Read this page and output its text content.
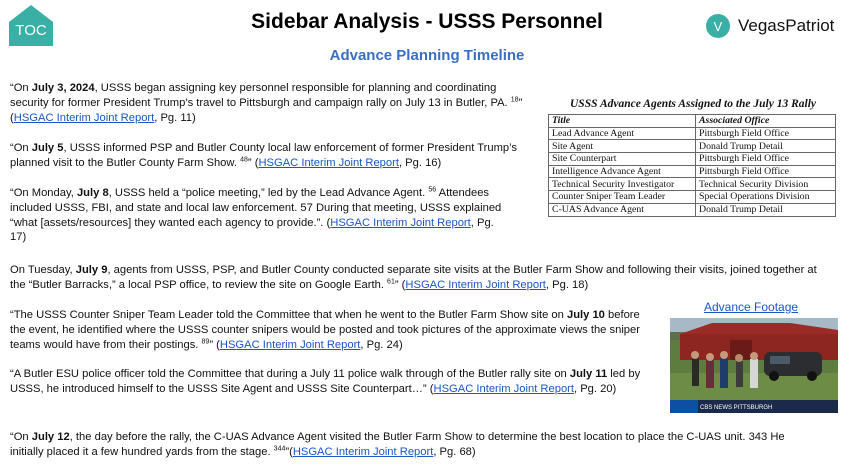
TOC	Sidebar Analysis - USSS Personnel
Advance Planning Timeline
V VegasPatriot
“On July 3, 2024, USSS began assigning key personnel responsible for planning and coordinating security for former President Trump’s travel to Pittsburgh and campaign rally on July 13 in Butler, PA. $^{18}$” (HSGAC Interim Joint Report, Pg. 11)
“On July 5, USSS informed PSP and Butler County local law enforcement of former President Trump’s planned visit to the Butler County Farm Show. $^{48}$” (HSGAC Interim Joint Report, Pg. 16)
“On Monday, July 8, USSS held a “police meeting,” led by the Lead Advance Agent. $^{56}$ Attendees included USSS, FBI, and state and local law enforcement. 57 During that meeting, USSS explained “what [assets/resources] they wanted each agency to provide.”. (HSGAC Interim Joint Report, Pg. 17)
USSS Advance Agents Assigned to the July 13 Rally
Title	Associated Office
Lead Advance Agent	Pittsburgh Field Office
Site Agent	Donald Trump Detail
Site Counterpart	Pittsburgh Field Office
Intelligence Advance Agent	Pittsburgh Field Office
Technical Security Investigator	Technical Security Division
Counter Sniper Team Leader	Special Operations Division
C-UAS Advance Agent	Donald Trump Detail
On Tuesday, July 9, agents from USSS, PSP, and Butler County conducted separate site visits at the Butler Farm Show and following their visits, joined together at the “Butler Barracks,” a local PSP office, to review the site on Google Earth. $^{61}$” (HSGAC Interim Joint Report, Pg. 18)
“The USSS Counter Sniper Team Leader told the Committee that when he went to the Butler Farm Show site on July 10 before the event, he identified where the USSS counter snipers would be posted and took pictures of the approximate views the sniper teams would have from their postings. $^{89}$” (HSGAC Interim Joint Report, Pg. 24)
“A Butler ESU police officer told the Committee that during a July 11 police walk through of the Butler rally site on July 11 led by USSS, he introduced himself to the USSS Site Agent and USSS Site Counterpart…” (HSGAC Interim Joint Report, Pg. 20)
“On July 12, the day before the rally, the C-UAS Advance Agent visited the Butler Farm Show to determine the best location to place the C-UAS unit. 343 He initially placed it a few hundred yards from the stage. $^{344}$”(HSGAC Interim Joint Report, Pg. 68)
Advance Footage
CBS NEWS PITTSBURGH
